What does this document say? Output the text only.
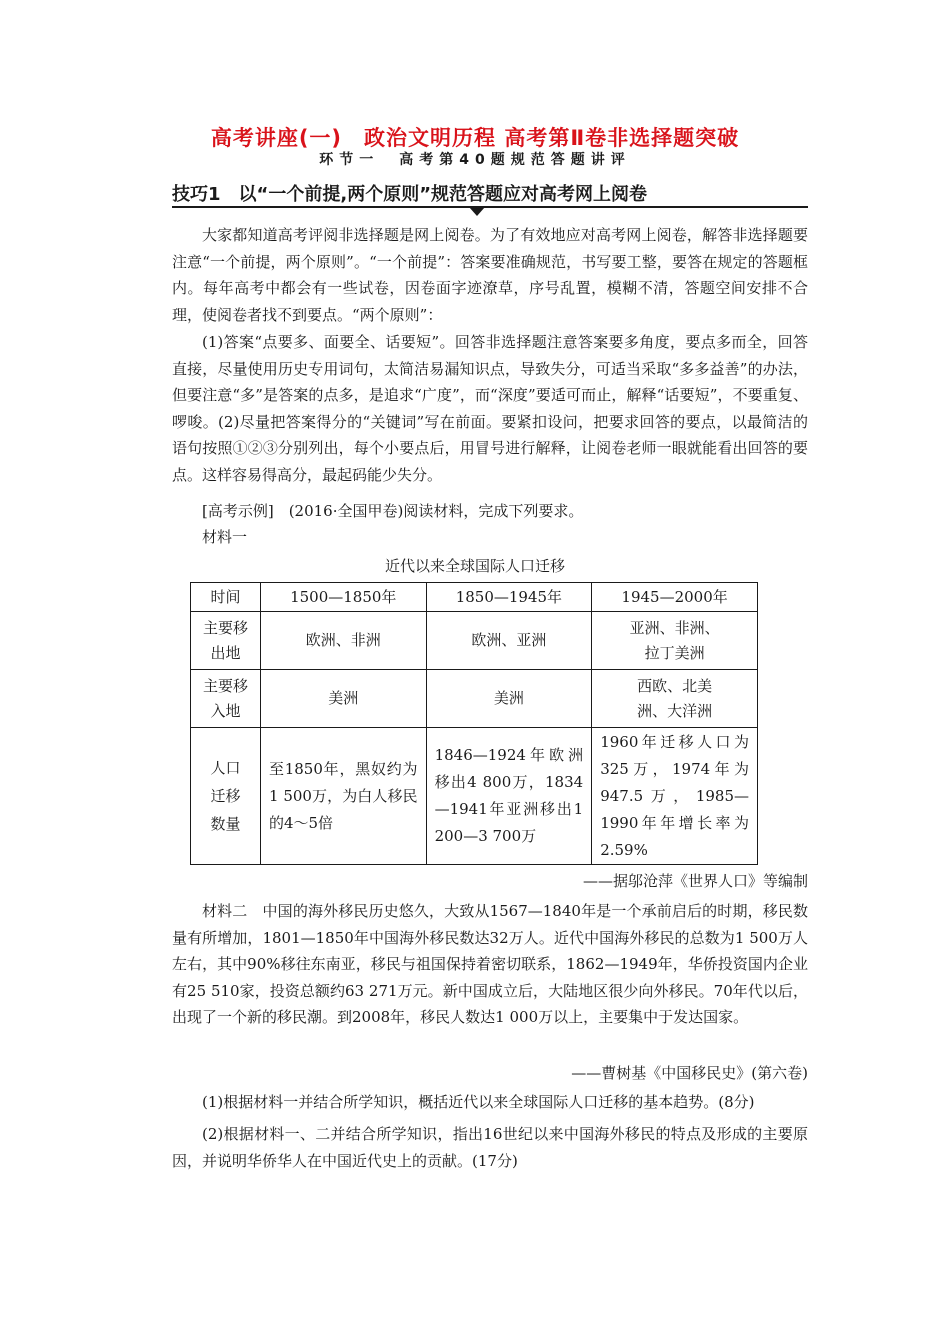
高考讲座(一)　政治文明历程 高考第Ⅱ卷非选择题突破
环节一　高考第40题规范答题讲评
技巧1　以“一个前提,两个原则”规范答题应对高考网上阅卷
大家都知道高考评阅非选择题是网上阅卷。为了有效地应对高考网上阅卷，解答非选择题要注意“一个前提，两个原则”。“一个前提”：答案要准确规范，书写要工整，要答在规定的答题框内。每年高考中都会有一些试卷，因卷面字迹潦草，序号乱置，模糊不清，答题空间安排不合理，使阅卷者找不到要点。“两个原则”：
(1)答案“点要多、面要全、话要短”。回答非选择题注意答案要多角度，要点多而全，回答直接，尽量使用历史专用词句，太简洁易漏知识点，导致失分，可适当采取“多多益善”的办法，但要注意“多”是答案的点多，是追求“广度”，而“深度”要适可而止，解释“话要短”，不要重复、啰唆。(2)尽量把答案得分的“关键词”写在前面。要紧扣设问，把要求回答的要点，以最简洁的语句按照①②③分别列出，每个小要点后，用冒号进行解释，让阅卷老师一眼就能看出回答的要点。这样容易得高分，最起码能少失分。
[高考示例]　(2016·全国甲卷)阅读材料，完成下列要求。
材料一
近代以来全球国际人口迁移
时间	1500—1850年	1850—1945年	1945—2000年
主要移出地	欧洲、非洲	欧洲、亚洲	亚洲、非洲、拉丁美洲
主要移入地	美洲	美洲	西欧、北美洲、大洋洲
人口迁移数量	至1850年，黑奴约为1 500万，为白人移民的4～5倍	1846—1924年欧洲移出4 800万，1834—1941年亚洲移出1 200—3 700万	1960年迁移人口为325万，1974年为947.5万，1985—1990年年增长率为2.59%
——据邬沧萍《世界人口》等编制
材料二　中国的海外移民历史悠久，大致从1567—1840年是一个承前启后的时期，移民数量有所增加，1801—1850年中国海外移民数达32万人。近代中国海外移民的总数为1 500万人左右，其中90%移往东南亚，移民与祖国保持着密切联系，1862—1949年，华侨投资国内企业有25 510家，投资总额约63 271万元。新中国成立后，大陆地区很少向外移民。70年代以后，出现了一个新的移民潮。到2008年，移民人数达1 000万以上，主要集中于发达国家。
——曹树基《中国移民史》(第六卷)
(1)根据材料一并结合所学知识，概括近代以来全球国际人口迁移的基本趋势。(8分)
(2)根据材料一、二并结合所学知识，指出16世纪以来中国海外移民的特点及形成的主要原因，并说明华侨华人在中国近代史上的贡献。(17分)
